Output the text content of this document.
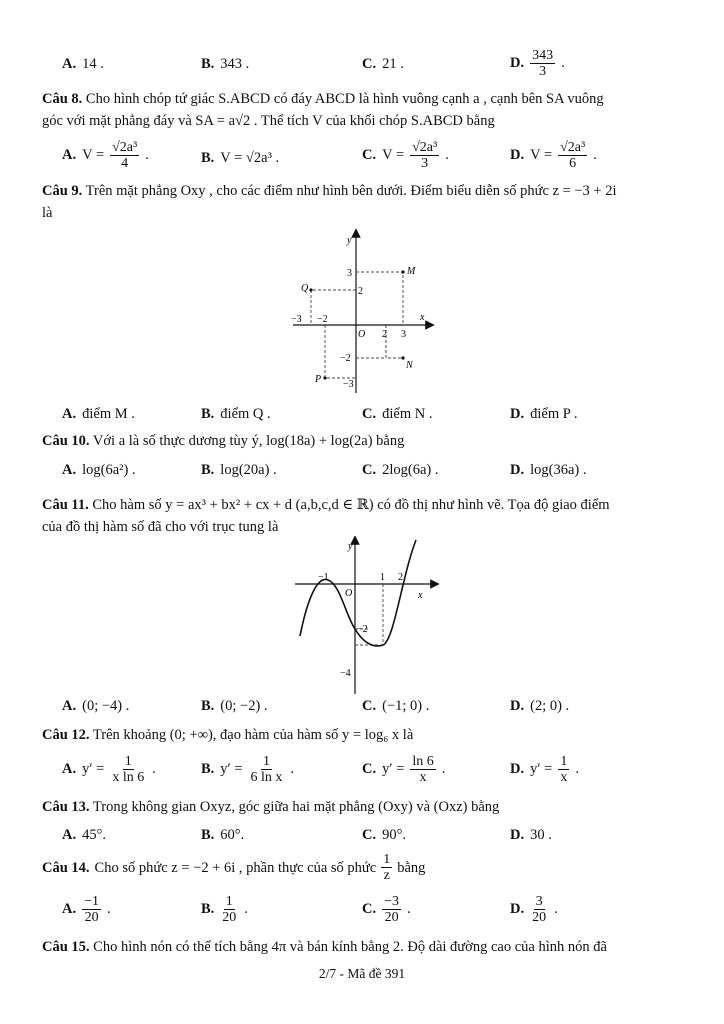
A. 14 .	B. 343 .	C. 21 .	D. $\frac{343}{3}$ .
Câu 8. Cho hình chóp tứ giác S.ABCD có đáy ABCD là hình vuông cạnh a , cạnh bên SA vuông
góc với mặt phẳng đáy và SA = a√2 . Thể tích V của khối chóp S.ABCD bằng
A. $V = \frac{\text{√2a³}}{4}$ .	B. V = √2a³ .	C. $V = \frac{\text{√2a³}}{3}$ .	D. $V = \frac{\text{√2a³}}{6}$ .
Câu 9. Trên mặt phẳng Oxy , cho các điểm như hình bên dưới. Điểm biểu diễn số phức z = −3 + 2i
là
y
x
O
3
2
−3 −2
2 3
−2
−3
M
Q
N
P
A. điểm M .	B. điểm Q .	C. điểm N .	D. điểm P .
Câu 10. Với a là số thực dương tùy ý, log(18a) + log(2a) bằng
A. log(6a²) .	B. log(20a) .	C. 2log(6a) .	D. log(36a) .
Câu 11. Cho hàm số y = ax³ + bx² + cx + d (a,b,c,d ∈ ℝ) có đồ thị như hình vẽ. Tọa độ giao điểm
của đồ thị hàm số đã cho với trục tung là
y
x
O
−1	1 2
−2
−4
A. (0; −4) .	B. (0; −2) .	C. (−1; 0) .	D. (2; 0) .
Câu 12. Trên khoảng (0; +∞), đạo hàm của hàm số y = log₆ x là
A. $y' = \frac{1}{\text{x ln 6}}$ .	B. $y' = \frac{1}{\text{6 ln x}}$ .	C. $y' = \frac{\ln 6}{x}$ .	D. $y' = \frac{1}{x}$ .
Câu 13. Trong không gian Oxyz, góc giữa hai mặt phẳng (Oxy) và (Oxz) bằng
A. 45°.	B. 60°.	C. 90°.	D. 30 .
Câu 14. Cho số phức z = −2 + 6i , phần thực của số phức $\frac{1}{z}$ bằng
A. $\frac{-1}{20}$ .	B. $\frac{1}{20}$ .	C. $\frac{-3}{20}$ .	D. $\frac{3}{20}$ .
Câu 15. Cho hình nón có thể tích bằng 4π và bán kính bằng 2. Độ dài đường cao của hình nón đã
2/7 - Mã đề 391
